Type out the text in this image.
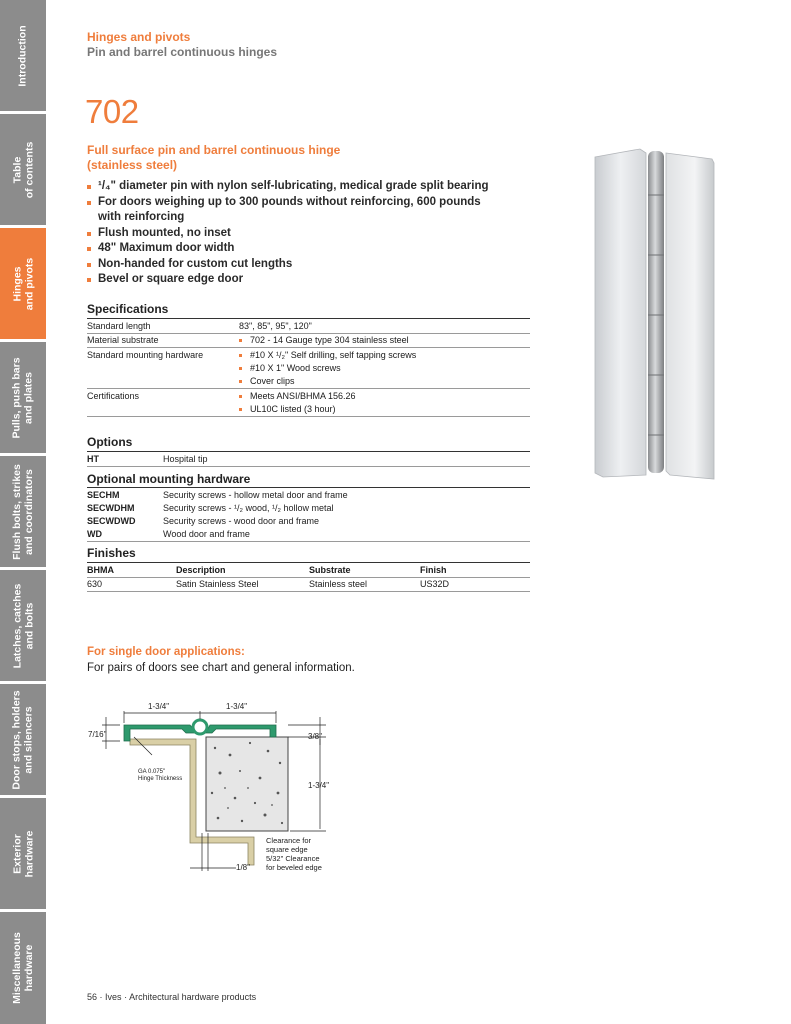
Introduction
Table
of contents
Hinges
and pivots
Pulls, push bars
and plates
Flush bolts, strikes
and coordinators
Latches, catches
and bolts
Door stops, holders
and silencers
Exterior
hardware
Miscellaneous
hardware
Hinges and pivots
Pin and barrel continuous hinges
702
Full surface pin and barrel continuous hinge
(stainless steel)
¹/₄" diameter pin with nylon self-lubricating, medical grade split bearing
For doors weighing up to 300 pounds without reinforcing, 600 pounds
with reinforcing
Flush mounted, no inset
48" Maximum door width
Non-handed for custom cut lengths
Bevel or square edge door
Specifications
Standard length	83", 85", 95", 120"
Material substrate	702 - 14 Gauge type 304 stainless steel
Standard mounting hardware	#10 X ¹/₂" Self drilling, self tapping screws
#10 X 1" Wood screws
Cover clips
Certifications	Meets ANSI/BHMA 156.26
UL10C listed (3 hour)
Options
HT	Hospital tip
Optional mounting hardware
SECHM	Security screws - hollow metal door and frame
SECWDHM	Security screws - ¹/₂ wood, ¹/₂ hollow metal
SECWDWD	Security screws - wood door and frame
WD	Wood door and frame
Finishes
BHMA	Description	Substrate	Finish
630	Satin Stainless Steel	Stainless steel	US32D
For single door applications:
For pairs of doors see chart and general information.
1-3/4"	1-3/4"
7/16"	3/8"
1-3/4"
1/8"
GA 0.075"
Hinge Thickness
Clearance for
square edge
5/32" Clearance
for beveled edge
56 · Ives · Architectural hardware products
